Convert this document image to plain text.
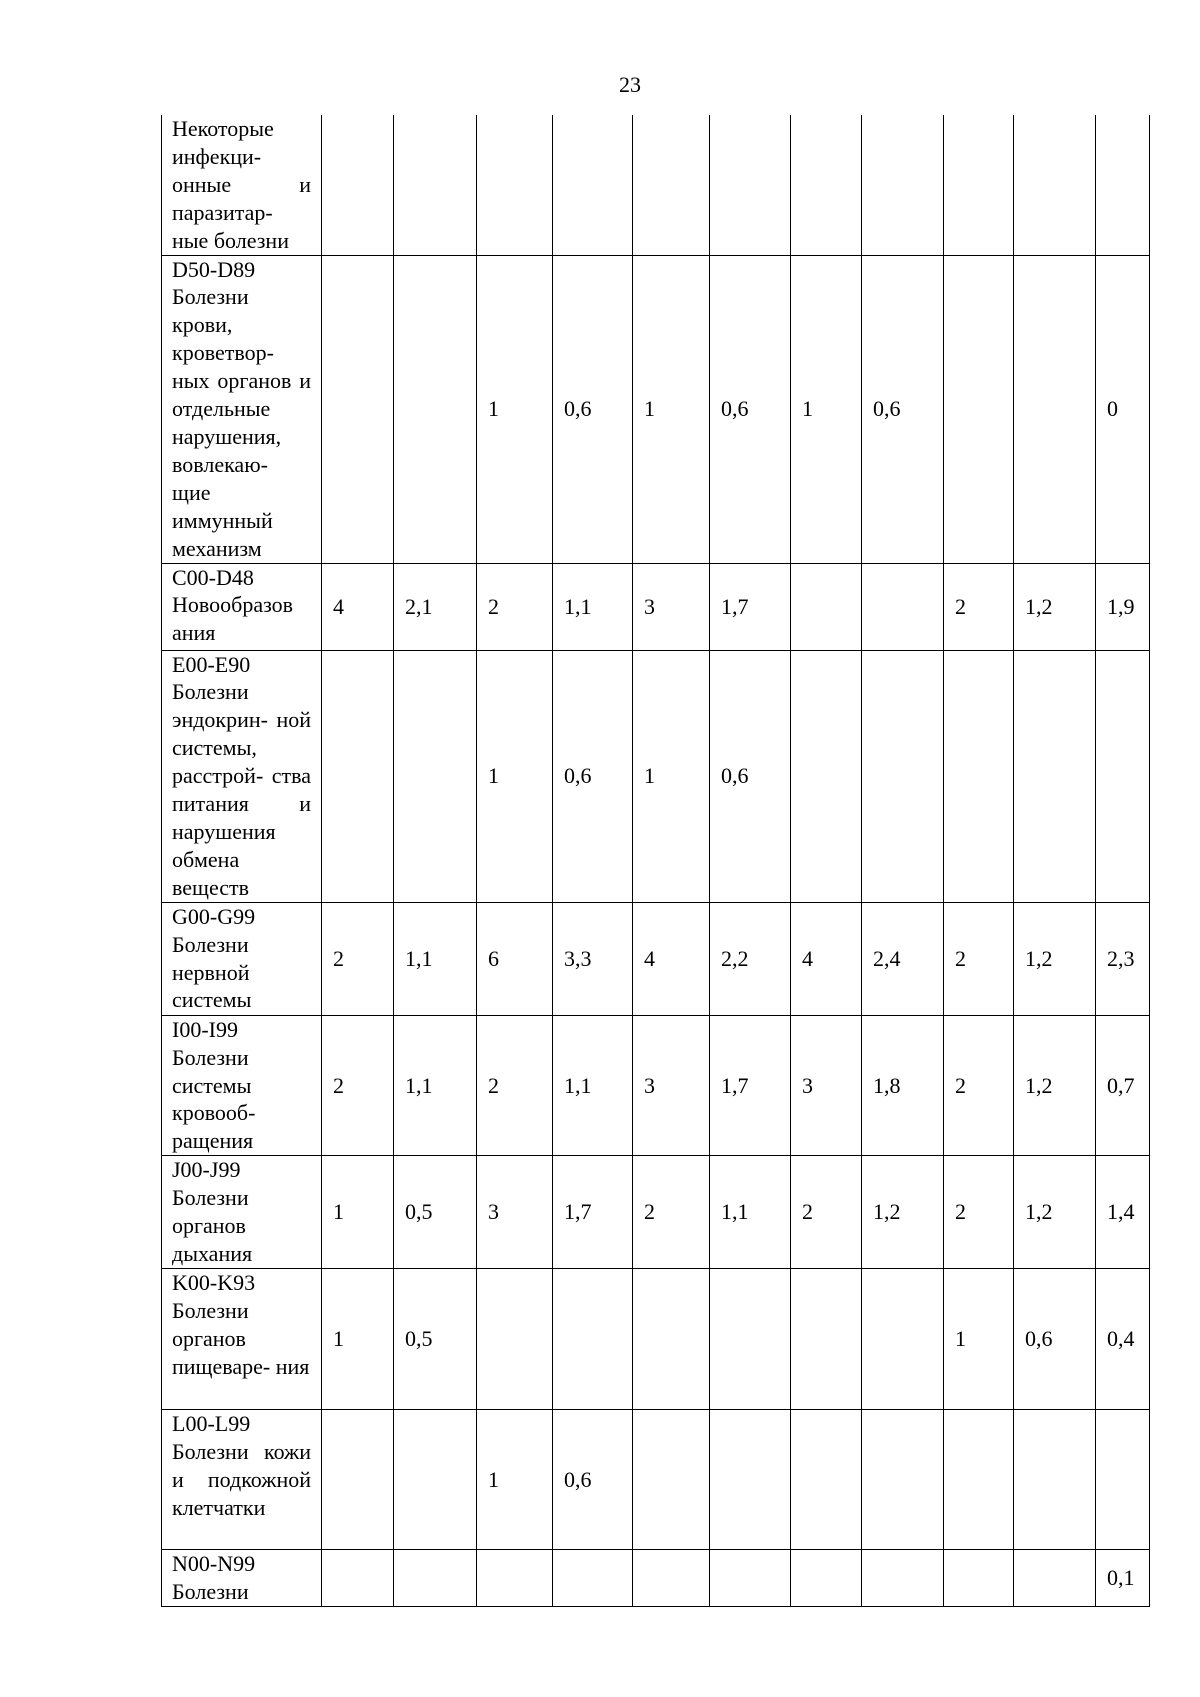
23
Некоторые инфекци- онные и паразитар- ные болезни											
D50-D89 Болезни крови, кроветвор- ных органов и отдельные нарушения, вовлекаю- щие иммунный механизм			1	0,6	1	0,6	1	0,6			0
C00-D48 Новообразов ания	4	2,1	2	1,1	3	1,7			2	1,2	1,9
E00-E90 Болезни эндокрин- ной системы, расстрой- ства питания и нарушения обмена веществ			1	0,6	1	0,6					
G00-G99 Болезни нервной системы	2	1,1	6	3,3	4	2,2	4	2,4	2	1,2	2,3
I00-I99 Болезни системы кровооб- ращения	2	1,1	2	1,1	3	1,7	3	1,8	2	1,2	0,7
J00-J99 Болезни органов дыхания	1	0,5	3	1,7	2	1,1	2	1,2	2	1,2	1,4
K00-K93 Болезни органов пищеваре- ния	1	0,5							1	0,6	0,4
L00-L99 Болезни кожи и подкожной клетчатки			1	0,6							
N00-N99 Болезни											0,1
